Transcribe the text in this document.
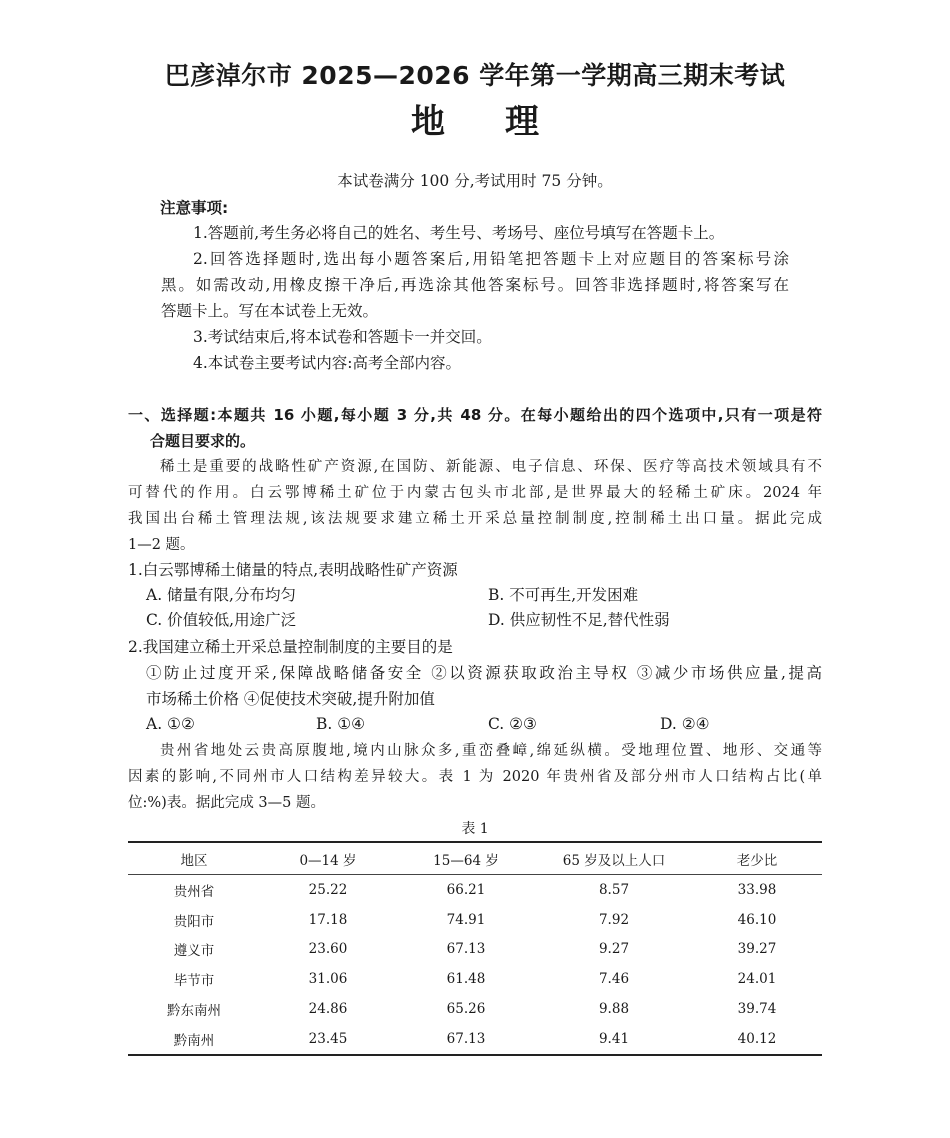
巴彦淖尔市 2025—2026 学年第一学期高三期末考试
地理
本试卷满分 100 分,考试用时 75 分钟。
注意事项:
1.答题前,考生务必将自己的姓名、考生号、考场号、座位号填写在答题卡上。
2.回答选择题时,选出每小题答案后,用铅笔把答题卡上对应题目的答案标号涂
黑。如需改动,用橡皮擦干净后,再选涂其他答案标号。回答非选择题时,将答案写在
答题卡上。写在本试卷上无效。
3.考试结束后,将本试卷和答题卡一并交回。
4.本试卷主要考试内容:高考全部内容。
一、选择题:本题共 16 小题,每小题 3 分,共 48 分。在每小题给出的四个选项中,只有一项是符
合题目要求的。
稀土是重要的战略性矿产资源,在国防、新能源、电子信息、环保、医疗等高技术领域具有不
可替代的作用。白云鄂博稀土矿位于内蒙古包头市北部,是世界最大的轻稀土矿床。2024 年
我国出台稀土管理法规,该法规要求建立稀土开采总量控制制度,控制稀土出口量。据此完成
1—2 题。
1.白云鄂博稀土储量的特点,表明战略性矿产资源
A. 储量有限,分布均匀	B. 不可再生,开发困难
C. 价值较低,用途广泛	D. 供应韧性不足,替代性弱
2.我国建立稀土开采总量控制制度的主要目的是
①防止过度开采,保障战略储备安全 ②以资源获取政治主导权 ③减少市场供应量,提高
市场稀土价格 ④促使技术突破,提升附加值
A. ①②	B. ①④	C. ②③	D. ②④
贵州省地处云贵高原腹地,境内山脉众多,重峦叠嶂,绵延纵横。受地理位置、地形、交通等
因素的影响,不同州市人口结构差异较大。表 1 为 2020 年贵州省及部分州市人口结构占比(单
位:%)表。据此完成 3—5 题。
表 1
地区	0—14 岁	15—64 岁	65 岁及以上人口	老少比
贵州省	25.22	66.21	8.57	33.98
贵阳市	17.18	74.91	7.92	46.10
遵义市	23.60	67.13	9.27	39.27
毕节市	31.06	61.48	7.46	24.01
黔东南州	24.86	65.26	9.88	39.74
黔南州	23.45	67.13	9.41	40.12
